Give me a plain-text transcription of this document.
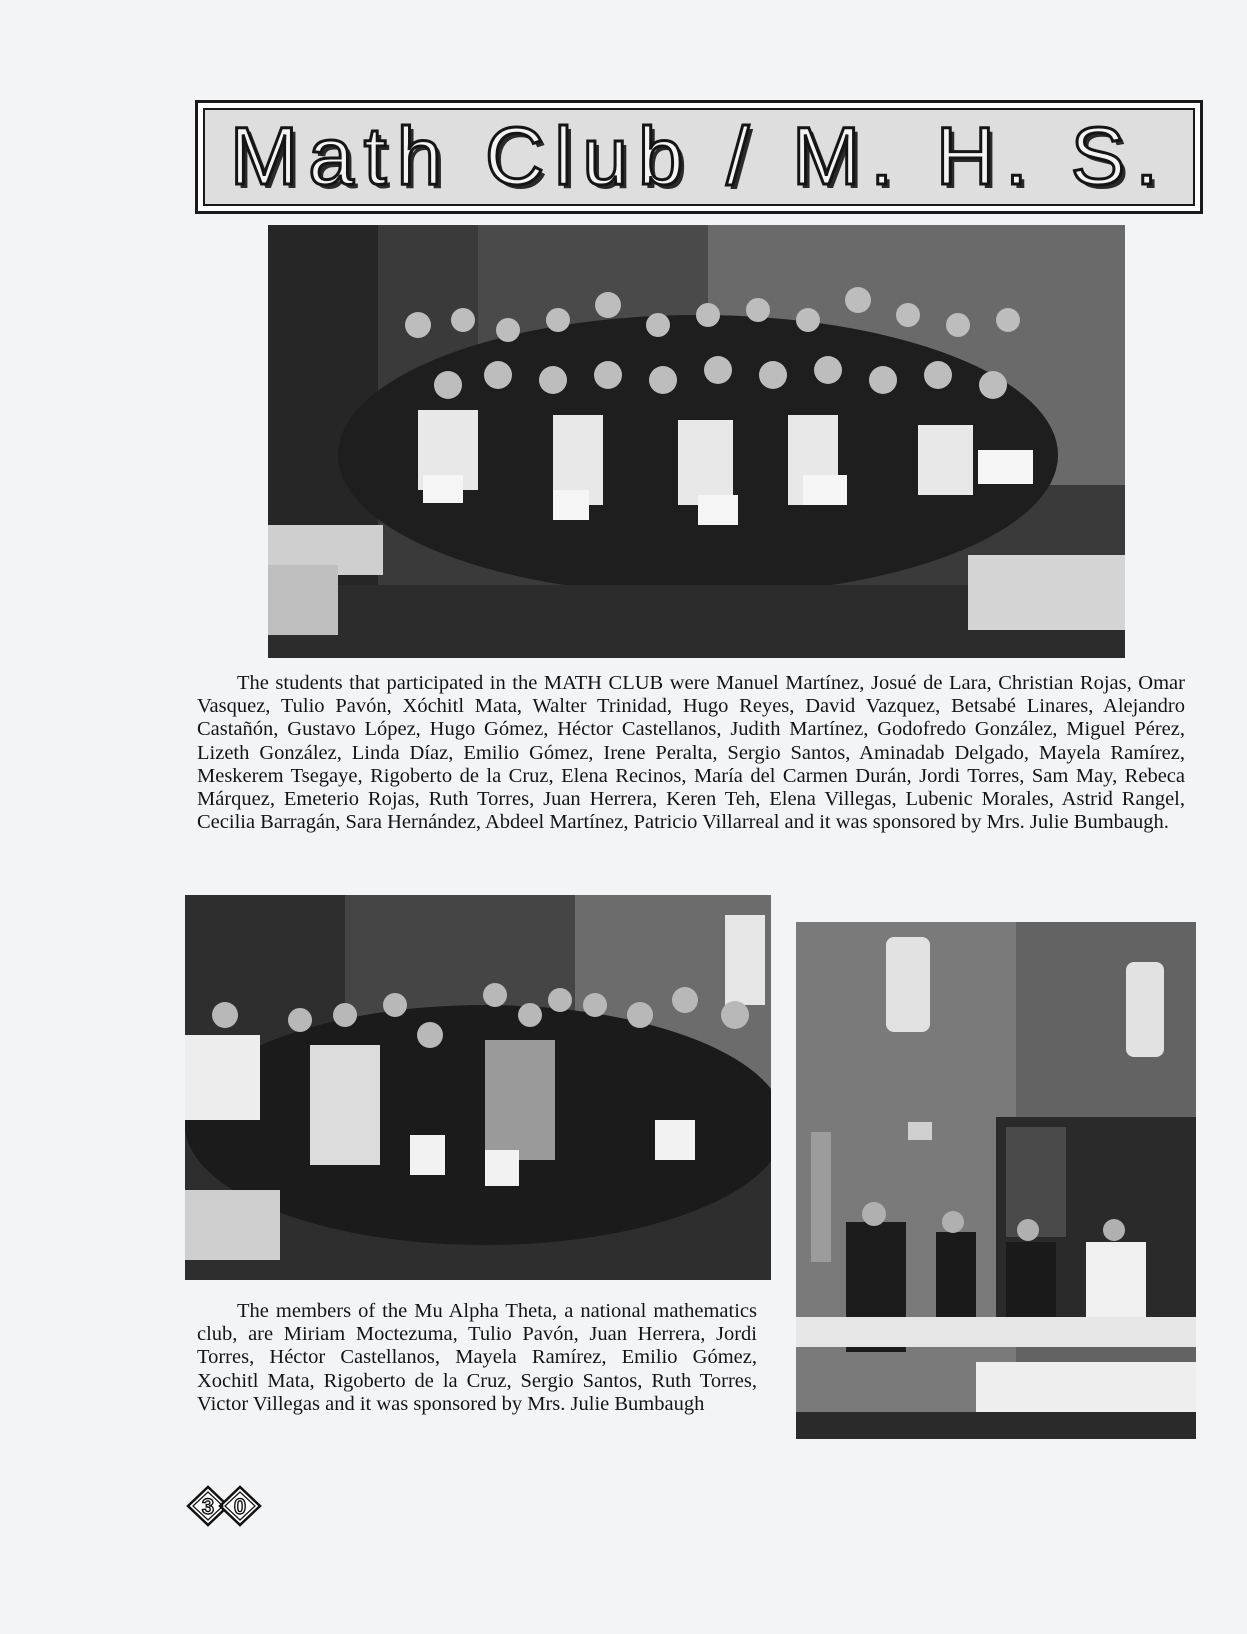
Math Club / M. H. S.

The students that participated in the MATH CLUB were Manuel Martínez, Josué de Lara, Christian Rojas, Omar Vasquez, Tulio Pavón, Xóchitl Mata, Walter Trinidad, Hugo Reyes, David Vazquez, Betsabé Linares, Alejandro Castañón, Gustavo López, Hugo Gómez, Héctor Castellanos, Judith Martínez, Godofredo González, Miguel Pérez, Lizeth González, Linda Díaz, Emilio Gómez, Irene Peralta, Sergio Santos, Aminadab Delgado, Mayela Ramírez, Meskerem Tsegaye, Rigoberto de la Cruz, Elena Recinos, María del Carmen Durán, Jordi Torres, Sam May, Rebeca Márquez, Emeterio Rojas, Ruth Torres, Juan Herrera, Keren Teh, Elena Villegas, Lubenic Morales, Astrid Rangel, Cecilia Barragán, Sara Hernández, Abdeel Martínez, Patricio Villarreal and it was sponsored by Mrs. Julie Bumbaugh.

The members of the Mu Alpha Theta, a national mathematics club, are Miriam Moctezuma, Tulio Pavón, Juan Herrera, Jordi Torres, Héctor Castellanos, Mayela Ramírez, Emilio Gómez, Xochitl Mata, Rigoberto de la Cruz, Sergio Santos, Ruth Torres, Victor Villegas and it was sponsored by Mrs. Julie Bumbaugh

3 0
